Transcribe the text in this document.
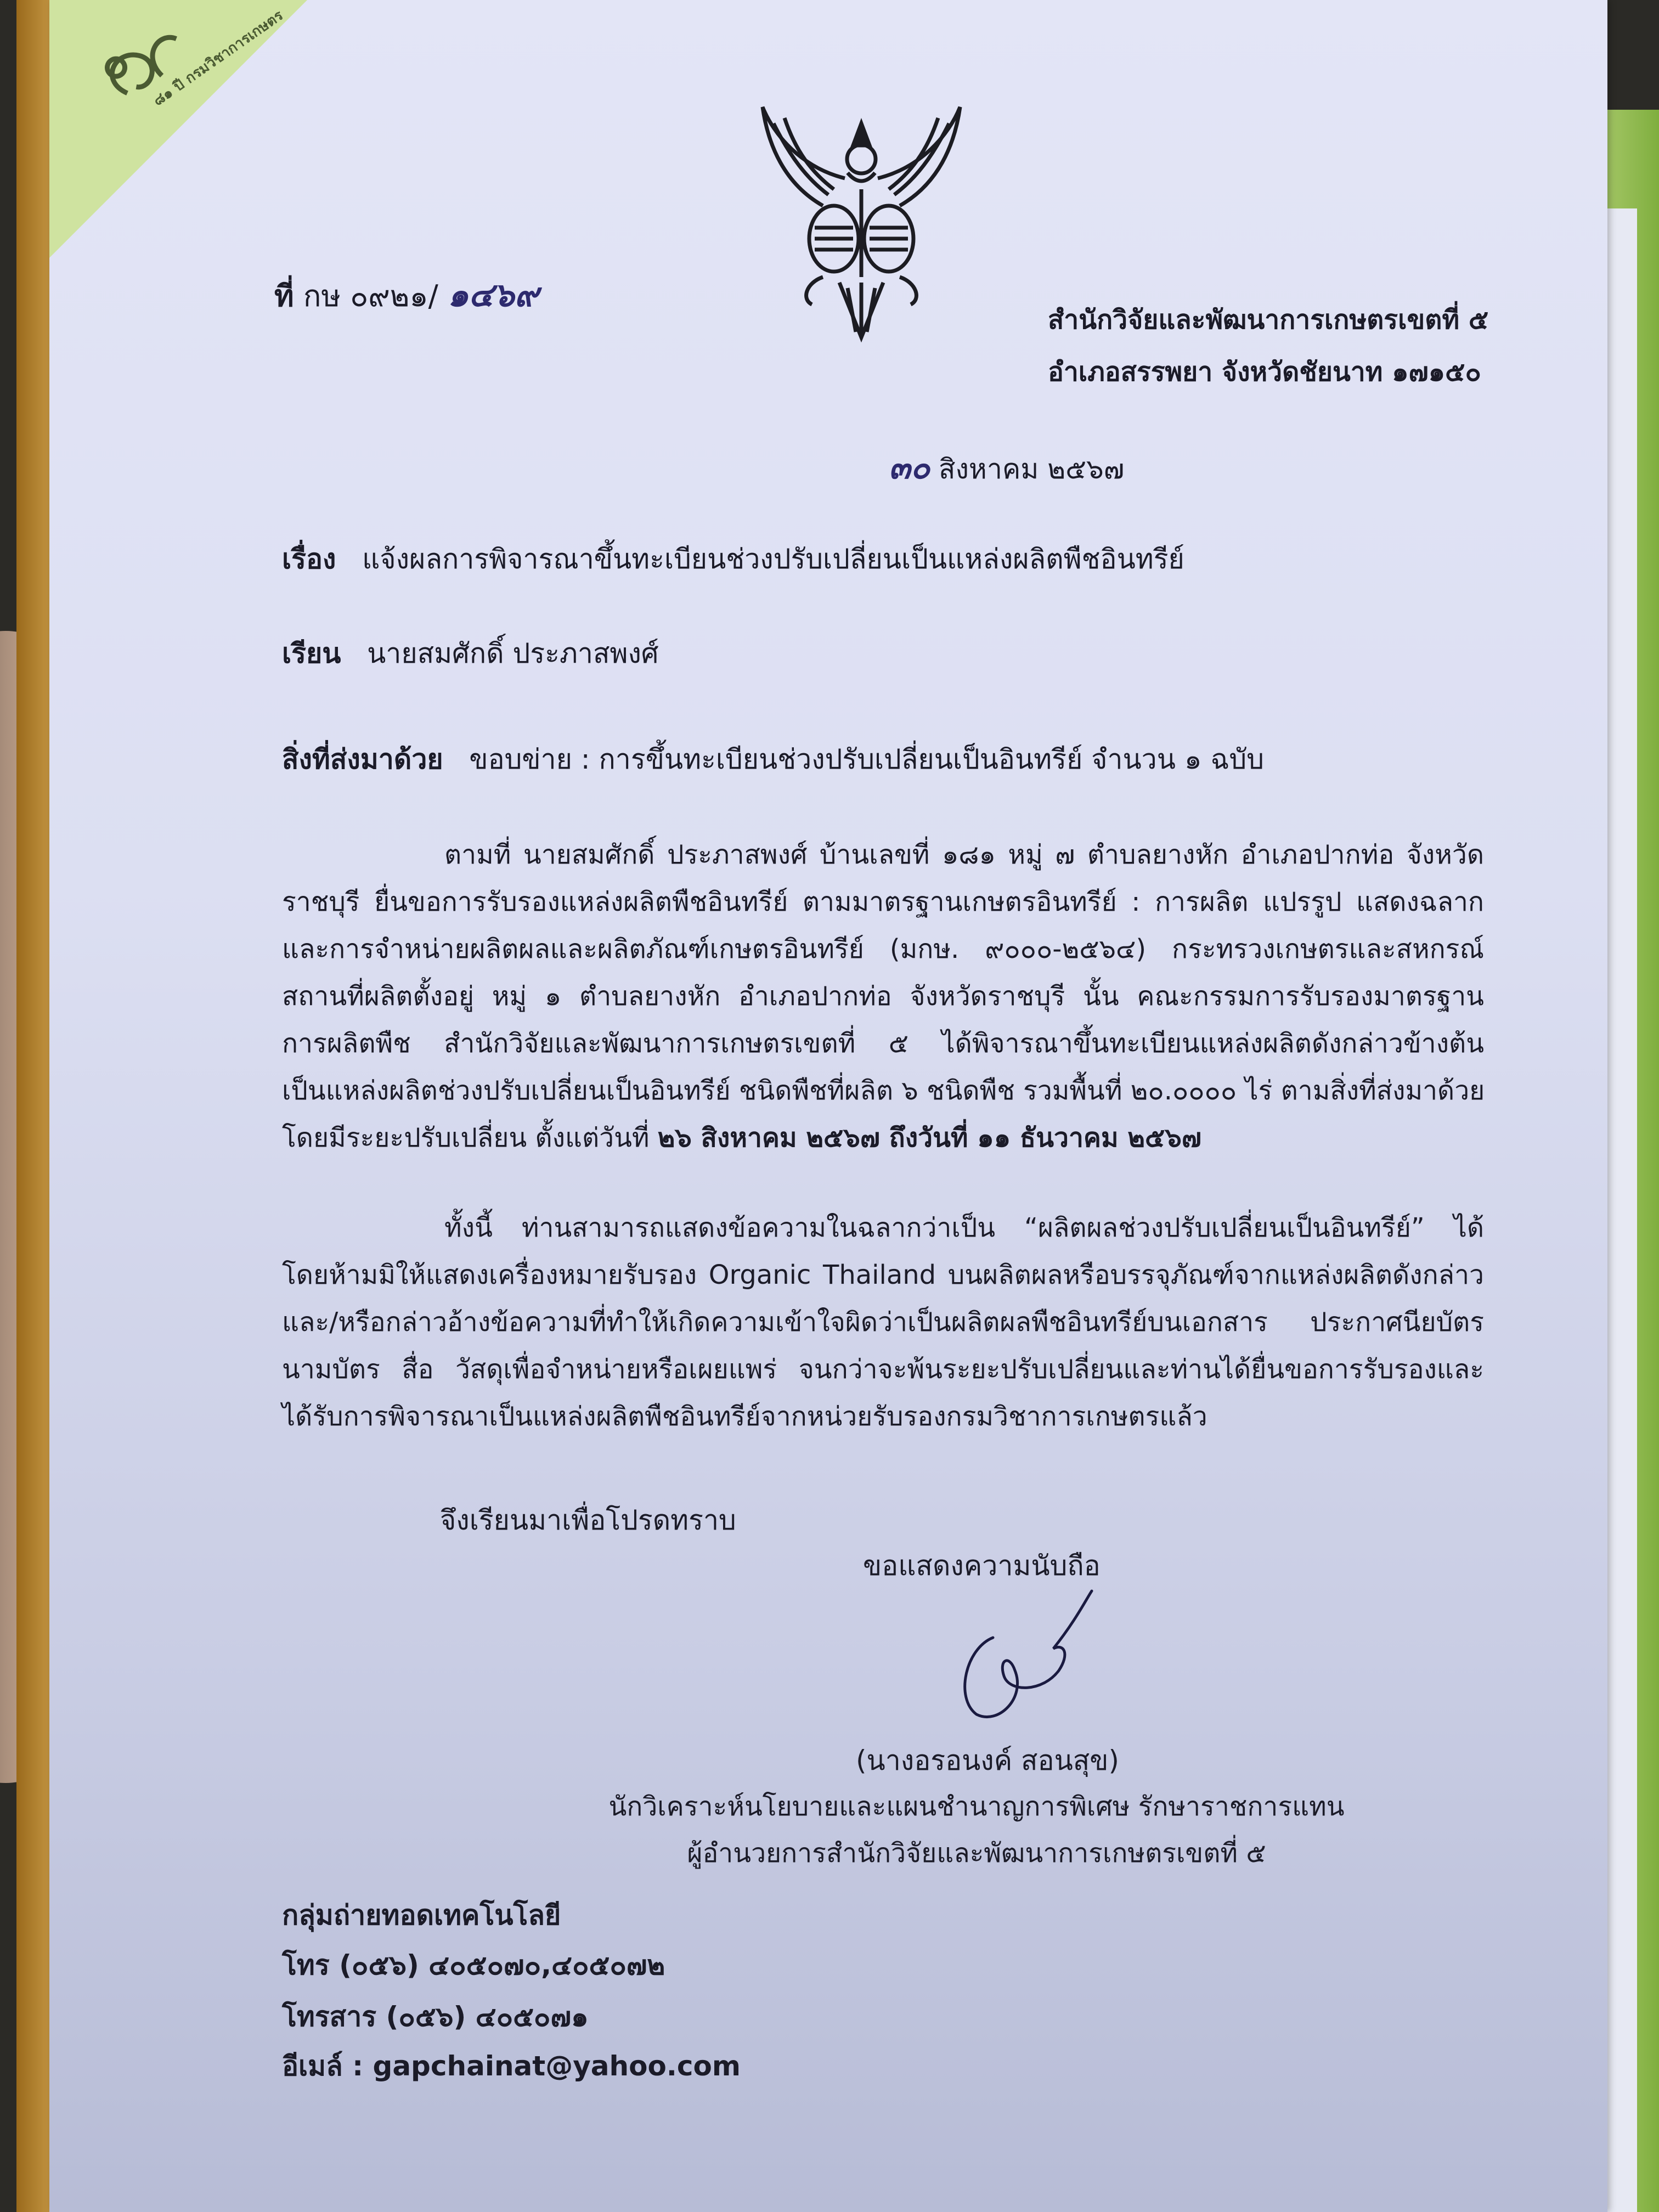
๘๑ ปี กรมวิชาการเกษตร
ที่ กษ ๐๙๒๑/ ๑๔๖๙
สำนักวิจัยและพัฒนาการเกษตรเขตที่ ๕
อำเภอสรรพยา จังหวัดชัยนาท ๑๗๑๕๐
๓๐ สิงหาคม ๒๕๖๗
เรื่อง แจ้งผลการพิจารณาขึ้นทะเบียนช่วงปรับเปลี่ยนเป็นแหล่งผลิตพืชอินทรีย์
เรียน นายสมศักดิ์ ประภาสพงศ์
สิ่งที่ส่งมาด้วย ขอบข่าย : การขึ้นทะเบียนช่วงปรับเปลี่ยนเป็นอินทรีย์ จำนวน ๑ ฉบับ
ตามที่ นายสมศักดิ์ ประภาสพงศ์ บ้านเลขที่ ๑๘๑ หมู่ ๗ ตำบลยางหัก อำเภอปากท่อ จังหวัด
ราชบุรี ยื่นขอการรับรองแหล่งผลิตพืชอินทรีย์ ตามมาตรฐานเกษตรอินทรีย์ : การผลิต แปรรูป แสดงฉลาก
และการจำหน่ายผลิตผลและผลิตภัณฑ์เกษตรอินทรีย์ (มกษ. ๙๐๐๐-๒๕๖๔) กระทรวงเกษตรและสหกรณ์
สถานที่ผลิตตั้งอยู่ หมู่ ๑ ตำบลยางหัก อำเภอปากท่อ จังหวัดราชบุรี นั้น คณะกรรมการรับรองมาตรฐาน
การผลิตพืช สำนักวิจัยและพัฒนาการเกษตรเขตที่ ๕ ได้พิจารณาขึ้นทะเบียนแหล่งผลิตดังกล่าวข้างต้น
เป็นแหล่งผลิตช่วงปรับเปลี่ยนเป็นอินทรีย์ ชนิดพืชที่ผลิต ๖ ชนิดพืช รวมพื้นที่ ๒๐.๐๐๐๐ ไร่ ตามสิ่งที่ส่งมาด้วย
โดยมีระยะปรับเปลี่ยน ตั้งแต่วันที่ ๒๖ สิงหาคม ๒๕๖๗ ถึงวันที่ ๑๑ ธันวาคม ๒๕๖๗
ทั้งนี้ ท่านสามารถแสดงข้อความในฉลากว่าเป็น “ผลิตผลช่วงปรับเปลี่ยนเป็นอินทรีย์” ได้
โดยห้ามมิให้แสดงเครื่องหมายรับรอง Organic Thailand บนผลิตผลหรือบรรจุภัณฑ์จากแหล่งผลิตดังกล่าว
และ/หรือกล่าวอ้างข้อความที่ทำให้เกิดความเข้าใจผิดว่าเป็นผลิตผลพืชอินทรีย์บนเอกสาร ประกาศนียบัตร
นามบัตร สื่อ วัสดุเพื่อจำหน่ายหรือเผยแพร่ จนกว่าจะพ้นระยะปรับเปลี่ยนและท่านได้ยื่นขอการรับรองและ
ได้รับการพิจารณาเป็นแหล่งผลิตพืชอินทรีย์จากหน่วยรับรองกรมวิชาการเกษตรแล้ว
จึงเรียนมาเพื่อโปรดทราบ
ขอแสดงความนับถือ
(นางอรอนงค์ สอนสุข)
นักวิเคราะห์นโยบายและแผนชำนาญการพิเศษ รักษาราชการแทน
ผู้อำนวยการสำนักวิจัยและพัฒนาการเกษตรเขตที่ ๕
กลุ่มถ่ายทอดเทคโนโลยี
โทร (๐๕๖) ๔๐๕๐๗๐,๔๐๕๐๗๒
โทรสาร (๐๕๖) ๔๐๕๐๗๑
อีเมล์ : gapchainat@yahoo.com
